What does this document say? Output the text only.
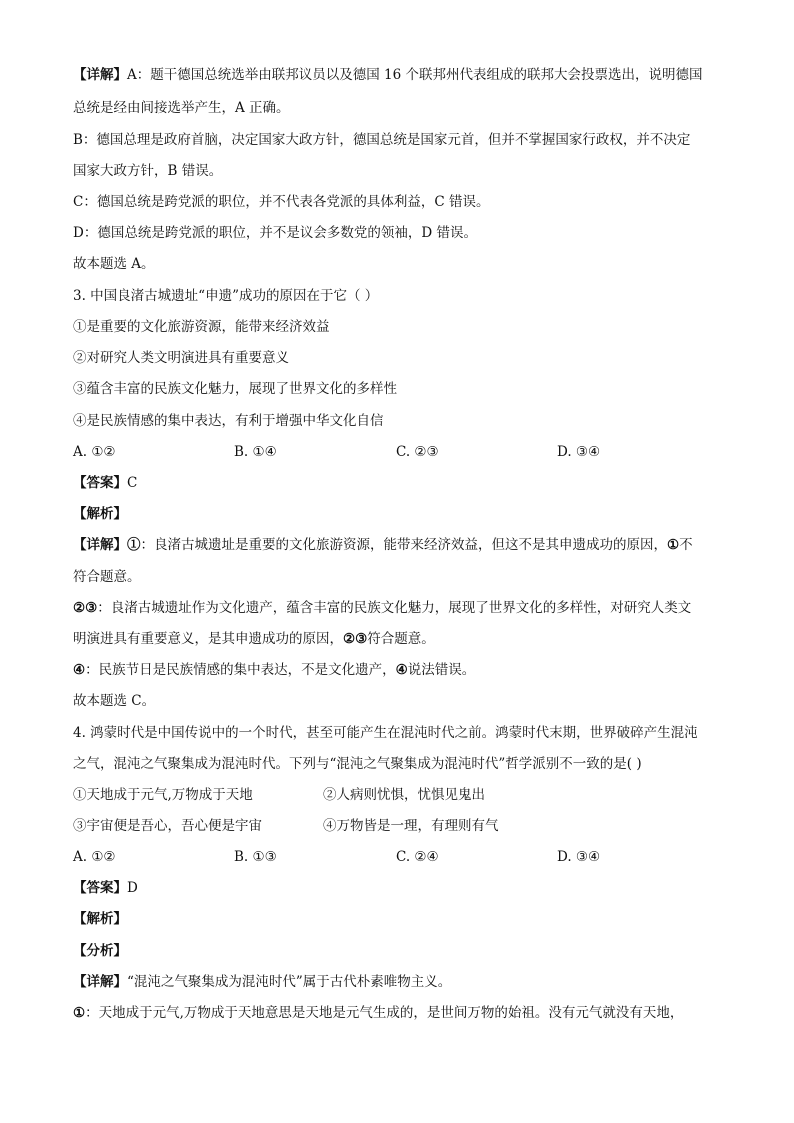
【详解】A：题干德国总统选举由联邦议员以及德国 16 个联邦州代表组成的联邦大会投票选出，说明德国
总统是经由间接选举产生，A 正确。
B：德国总理是政府首脑，决定国家大政方针，德国总统是国家元首，但并不掌握国家行政权，并不决定
国家大政方针，B 错误。
C：德国总统是跨党派的职位，并不代表各党派的具体利益，C 错误。
D：德国总统是跨党派的职位，并不是议会多数党的领袖，D 错误。
故本题选 A。
3. 中国良渚古城遗址“申遗”成功的原因在于它（ ）
①是重要的文化旅游资源，能带来经济效益
②对研究人类文明演进具有重要意义
③蕴含丰富的民族文化魅力，展现了世界文化的多样性
④是民族情感的集中表达，有利于增强中华文化自信
A. ①②	B. ①④	C. ②③	D. ③④
【答案】C
【解析】
【详解】①：良渚古城遗址是重要的文化旅游资源，能带来经济效益，但这不是其申遗成功的原因，①不
符合题意。
②③：良渚古城遗址作为文化遗产，蕴含丰富的民族文化魅力，展现了世界文化的多样性，对研究人类文
明演进具有重要意义，是其申遗成功的原因，②③符合题意。
④：民族节日是民族情感的集中表达，不是文化遗产，④说法错误。
故本题选 C。
4. 鸿蒙时代是中国传说中的一个时代，甚至可能产生在混沌时代之前。鸿蒙时代末期，世界破碎产生混沌
之气，混沌之气聚集成为混沌时代。下列与“混沌之气聚集成为混沌时代”哲学派别不一致的是( )
①天地成于元气,万物成于天地	②人病则忧惧，忧惧见鬼出
③宇宙便是吾心，吾心便是宇宙	④万物皆是一理，有理则有气
A. ①②	B. ①③	C. ②④	D. ③④
【答案】D
【解析】
【分析】
【详解】“混沌之气聚集成为混沌时代”属于古代朴素唯物主义。
①：天地成于元气,万物成于天地意思是天地是元气生成的，是世间万物的始祖。没有元气就没有天地，
